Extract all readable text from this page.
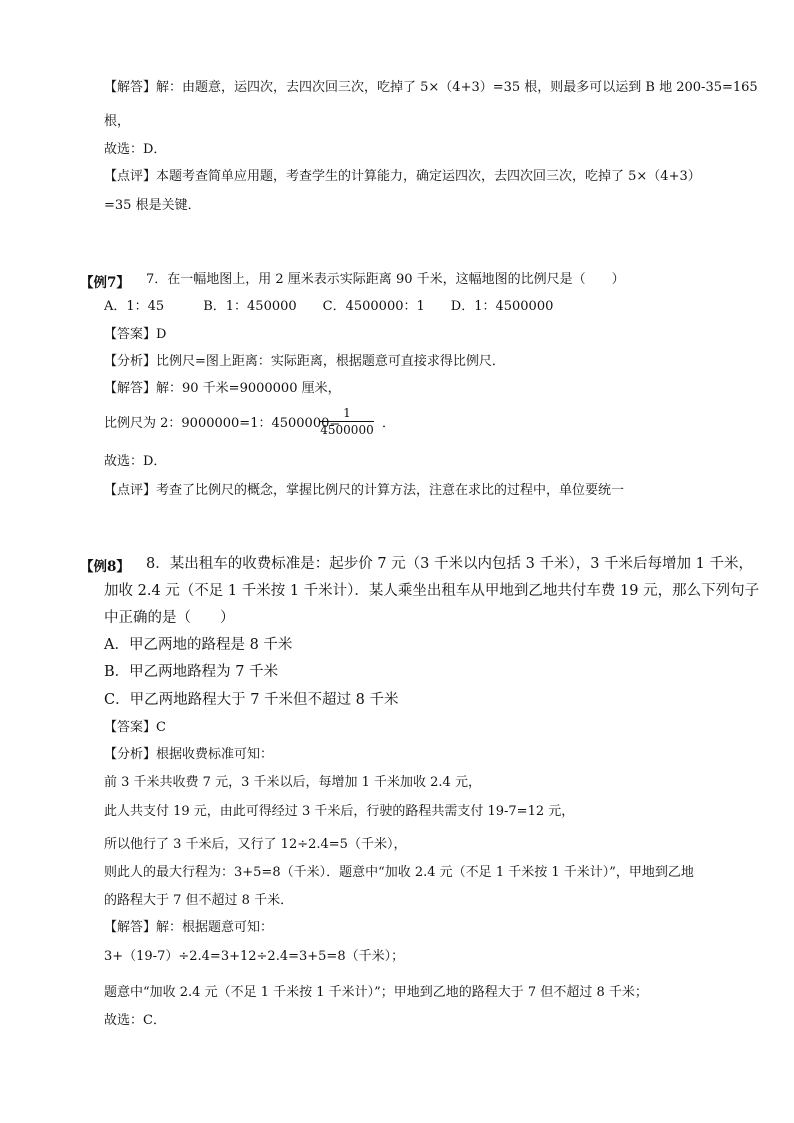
【解答】解：由题意，运四次，去四次回三次，吃掉了 5×（4+3）=35 根，则最多可以运到 B 地 200-35=165
根，
故选：D．
【点评】本题考查简单应用题，考查学生的计算能力，确定运四次，去四次回三次，吃掉了 5×（4+3）
=35 根是关键．
【例7】 7．在一幅地图上，用 2 厘米表示实际距离 90 千米，这幅地图的比例尺是（　　）
A．1：45　　　B．1：450000　　C．4500000：1　　D．1：4500000
【答案】D
【分析】比例尺=图上距离：实际距离，根据题意可直接求得比例尺．
【解答】解：90 千米=9000000 厘米，
比例尺为 2：9000000=1：4500000=
1
4500000 ．
故选：D．
【点评】考查了比例尺的概念，掌握比例尺的计算方法，注意在求比的过程中，单位要统一
【例8】 8．某出租车的收费标准是：起步价 7 元（3 千米以内包括 3 千米），3 千米后每增加 1 千米，
加收 2.4 元（不足 1 千米按 1 千米计）．某人乘坐出租车从甲地到乙地共付车费 19 元，那么下列句子
中正确的是（　　）
A．甲乙两地的路程是 8 千米
B．甲乙两地路程为 7 千米
C．甲乙两地路程大于 7 千米但不超过 8 千米
【答案】C
【分析】根据收费标准可知：
前 3 千米共收费 7 元，3 千米以后，每增加 1 千米加收 2.4 元，
此人共支付 19 元，由此可得经过 3 千米后，行驶的路程共需支付 19-7=12 元，
所以他行了 3 千米后，又行了 12÷2.4=5（千米），
则此人的最大行程为：3+5=8（千米）．题意中“加收 2.4 元（不足 1 千米按 1 千米计）”，甲地到乙地
的路程大于 7 但不超过 8 千米．
【解答】解：根据题意可知：
3+（19-7）÷2.4=3+12÷2.4=3+5=8（千米）；
题意中“加收 2.4 元（不足 1 千米按 1 千米计）”；甲地到乙地的路程大于 7 但不超过 8 千米；
故选：C．
